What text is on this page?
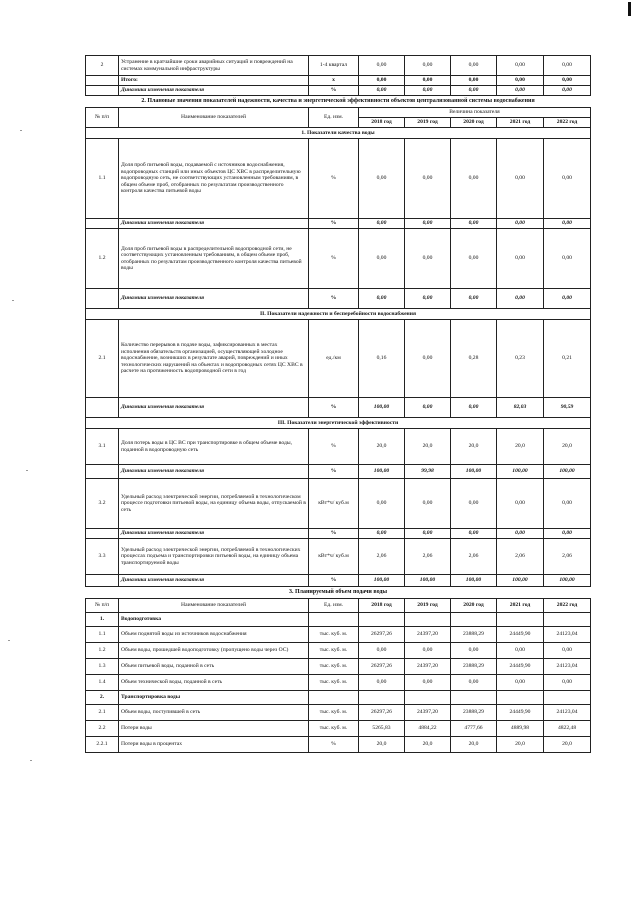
2	Устранение в кратчайшие сроки аварийных ситуаций и повреждений на системах коммунальной инфраструктуры	1-4 квартал	0,00	0,00	0,00	0,00	0,00
	Итого:	х	0,00	0,00	0,00	0,00	0,00
	Динамика изменения показателя	%	0,00	0,00	0,00	0,00	0,00
2. Плановые значения показателей надежности, качества и энергетической эффективности объектов централизованной системы водоснабжения							
№ п/п	Наименование показателей	Ед. изм.	Величина показателя				
			2018 год	2019 год	2020 год	2021 год	2022 год
1. Показатели качества воды							
1.1	Доля проб питьевой воды, подаваемой с источников водоснабжения, водопроводных станций или иных объектов ЦС ХВС в распределительную водопроводную сеть, не соответствующих установленным требованиям, в общем объеме проб, отобранных по результатам производственного контроля качества питьевой воды	%	0,00	0,00	0,00	0,00	0,00
	Динамика изменения показателя	%	0,00	0,00	0,00	0,00	0,00
1.2	Доля проб питьевой воды в распределительной водопроводной сети, не соответствующих установленным требованиям, в общем объеме проб, отобранных по результатам производственного контроля качества питьевой воды	%	0,00	0,00	0,00	0,00	0,00
	Динамика изменения показателя	%	0,00	0,00	0,00	0,00	0,00
II. Показатели надежности и бесперебойности водоснабжения							
2.1	Количество перерывов в подаче воды, зафиксированных в местах исполнения обязательств организацией, осуществляющей холодное водоснабжение, возникших в результате аварий, повреждений и иных технологических нарушений на объектах и водопроводных сетях ЦС ХВС в расчете на протяженность водопроводной сети в год	ед./км	0,16	0,00	0,28	0,23	0,21
	Динамика изменения показателя	%	100,00	0,00	0,00	82,03	90,59
III. Показатели энергетической эффективности							
3.1	Доля потерь воды в ЦС ВС при транспортировке в общем объеме воды, поданной в водопроводную сеть	%	20,0	20,0	20,0	20,0	20,0
	Динамика изменения показателя	%	100,00	99,98	100,00	100,00	100,00
3.2	Удельный расход электрической энергии, потребляемой в технологическом процессе подготовки питьевой воды, на единицу объема воды, отпускаемой в сеть	кВт*ч/ куб.м	0,00	0,00	0,00	0,00	0,00
	Динамика изменения показателя	%	0,00	0,00	0,00	0,00	0,00
3.3	Удельный расход электрической энергии, потребляемой в технологических процессах подъема и транспортировки питьевой воды, на единицу объема транспортируемой воды	кВт*ч/ куб.м	2,06	2,06	2,06	2,06	2,06
	Динамика изменения показателя	%	100,00	100,00	100,00	100,00	100,00
3. Планируемый объем подачи воды							
№ п/п	Наименование показателей	Ед. изм.	2018 год	2019 год	2020 год	2021 год	2022 год
1.	Водоподготовка						
1.1	Объем поднятой воды из источников водоснабжения	тыс. куб. м.	26297,26	24397,20	23888,29	24449,90	24123,04
1.2	Объем воды, прошедшей водоподготовку (пропущено воды через ОС)	тыс. куб. м.	0,00	0,00	0,00	0,00	0,00
1.3	Объем питьевой воды, поданной в сеть	тыс. куб. м.	26297,26	24397,20	23888,29	24449,90	24123,04
1.4	Объем технической воды, поданной в сеть	тыс. куб. м.	0,00	0,00	0,00	0,00	0,00
2.	Транспортировка воды						
2.1	Объем воды, поступившей в сеть	тыс. куб. м.	26297,26	24397,20	23888,29	24449,90	24123,04
2.2	Потери воды	тыс. куб. м.	5265,83	4884,22	4777,66	4889,98	4822,48
2.2.1	Потери воды в процентах	%	20,0	20,0	20,0	20,0	20,0
